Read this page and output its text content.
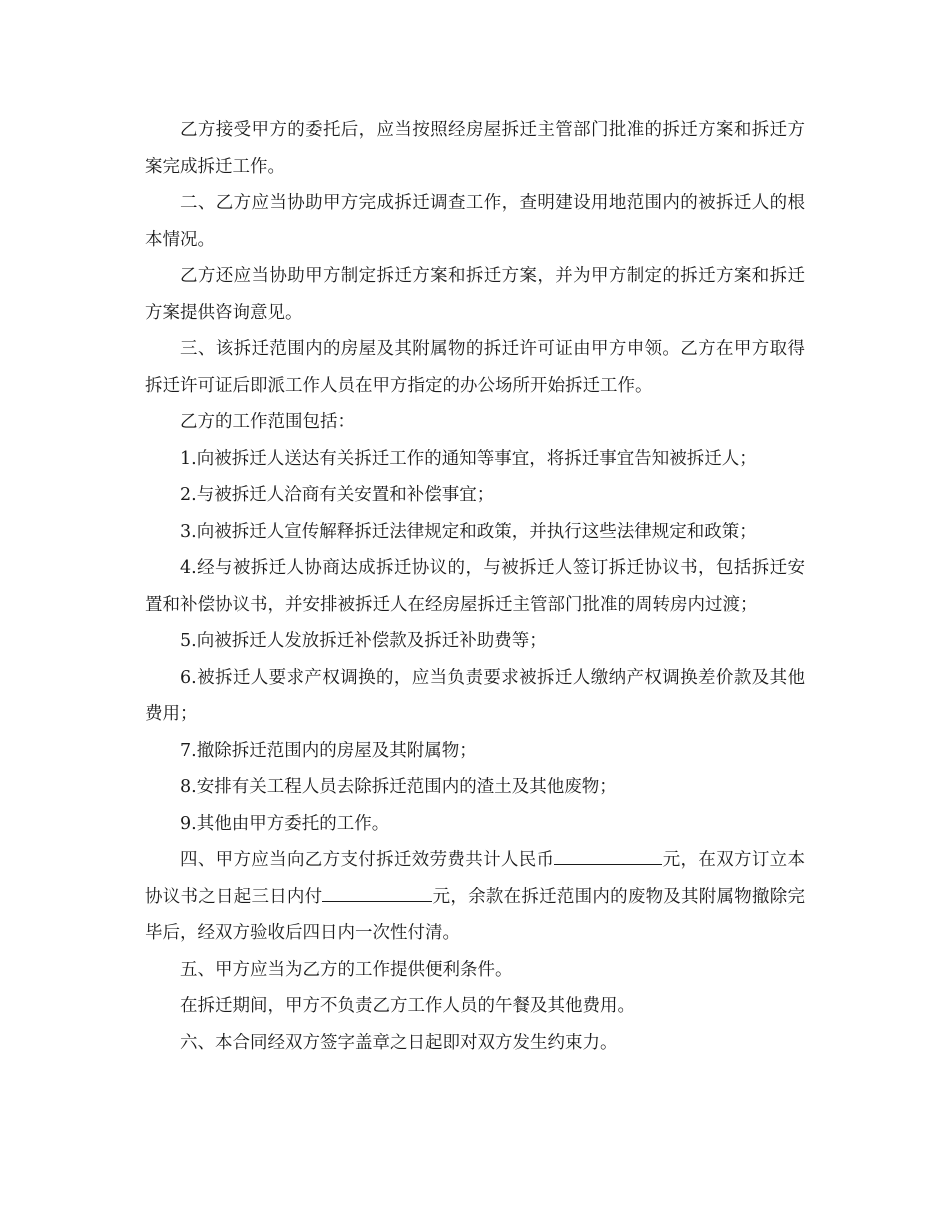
乙方接受甲方的委托后，应当按照经房屋拆迁主管部门批准的拆迁方案和拆迁方案完成拆迁工作。

二、乙方应当协助甲方完成拆迁调查工作，查明建设用地范围内的被拆迁人的根本情况。

乙方还应当协助甲方制定拆迁方案和拆迁方案，并为甲方制定的拆迁方案和拆迁方案提供咨询意见。

三、该拆迁范围内的房屋及其附属物的拆迁许可证由甲方申领。乙方在甲方取得拆迁许可证后即派工作人员在甲方指定的办公场所开始拆迁工作。

乙方的工作范围包括：

1.向被拆迁人送达有关拆迁工作的通知等事宜，将拆迁事宜告知被拆迁人；

2.与被拆迁人洽商有关安置和补偿事宜；

3.向被拆迁人宣传解释拆迁法律规定和政策，并执行这些法律规定和政策；

4.经与被拆迁人协商达成拆迁协议的，与被拆迁人签订拆迁协议书，包括拆迁安置和补偿协议书，并安排被拆迁人在经房屋拆迁主管部门批准的周转房内过渡；

5.向被拆迁人发放拆迁补偿款及拆迁补助费等；

6.被拆迁人要求产权调换的，应当负责要求被拆迁人缴纳产权调换差价款及其他费用；

7.撤除拆迁范围内的房屋及其附属物；

8.安排有关工程人员去除拆迁范围内的渣土及其他废物；

9.其他由甲方委托的工作。

四、甲方应当向乙方支付拆迁效劳费共计人民币	元，在双方订立本协议书之日起三日内付	元，余款在拆迁范围内的废物及其附属物撤除完毕后，经双方验收后四日内一次性付清。

五、甲方应当为乙方的工作提供便利条件。

在拆迁期间，甲方不负责乙方工作人员的午餐及其他费用。

六、本合同经双方签字盖章之日起即对双方发生约束力。
